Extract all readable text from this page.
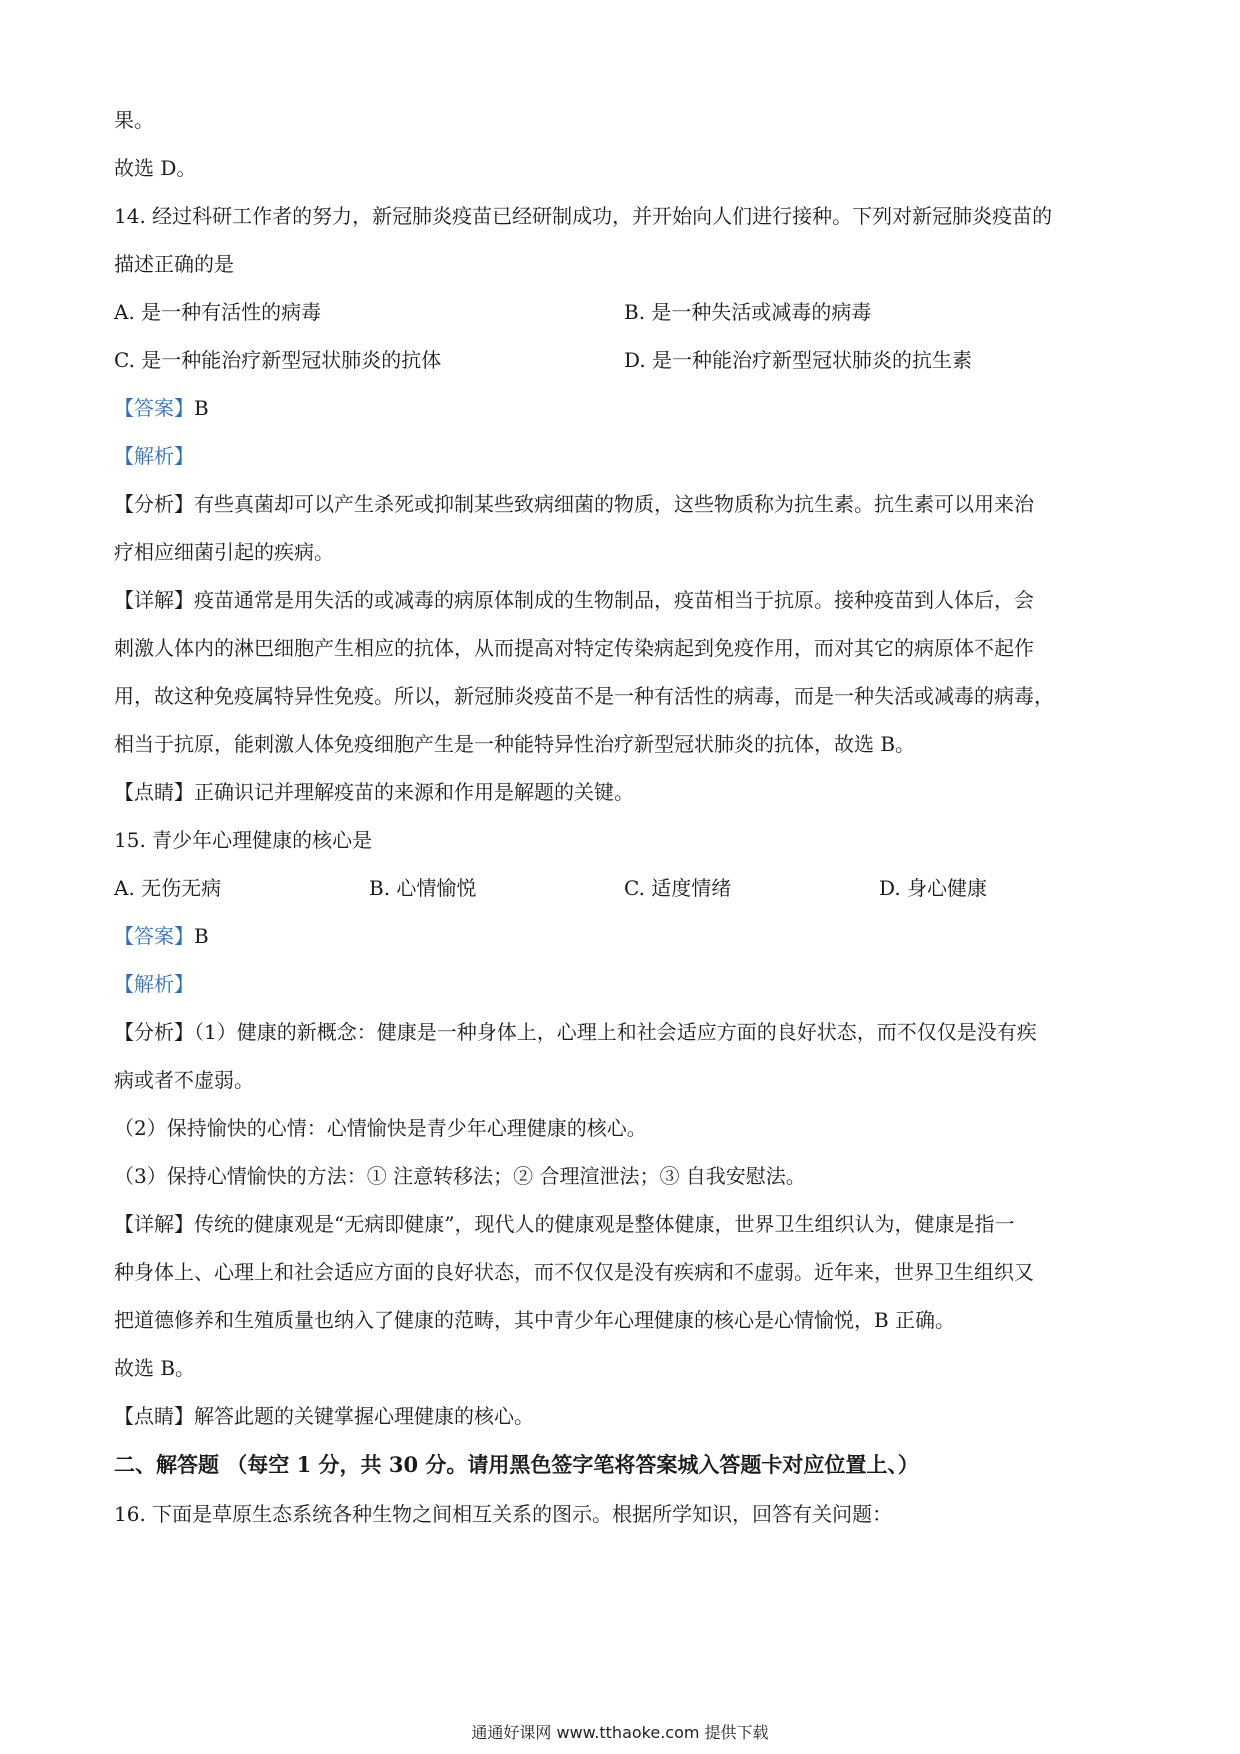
果。
故选 D。
14. 经过科研工作者的努力，新冠肺炎疫苗已经研制成功，并开始向人们进行接种。下列对新冠肺炎疫苗的
描述正确的是
A. 是一种有活性的病毒	B. 是一种失活或减毒的病毒
C. 是一种能治疗新型冠状肺炎的抗体	D. 是一种能治疗新型冠状肺炎的抗生素
【答案】B
【解析】
【分析】有些真菌却可以产生杀死或抑制某些致病细菌的物质，这些物质称为抗生素。抗生素可以用来治
疗相应细菌引起的疾病。
【详解】疫苗通常是用失活的或减毒的病原体制成的生物制品，疫苗相当于抗原。接种疫苗到人体后，会
刺激人体内的淋巴细胞产生相应的抗体，从而提高对特定传染病起到免疫作用，而对其它的病原体不起作
用，故这种免疫属特异性免疫。所以，新冠肺炎疫苗不是一种有活性的病毒，而是一种失活或减毒的病毒，
相当于抗原，能刺激人体免疫细胞产生是一种能特异性治疗新型冠状肺炎的抗体，故选 B。
【点睛】正确识记并理解疫苗的来源和作用是解题的关键。
15. 青少年心理健康的核心是
A. 无伤无病	B. 心情愉悦	C. 适度情绪	D. 身心健康
【答案】B
【解析】
【分析】（1）健康的新概念：健康是一种身体上，心理上和社会适应方面的良好状态，而不仅仅是没有疾
病或者不虚弱。
（2）保持愉快的心情：心情愉快是青少年心理健康的核心。
（3）保持心情愉快的方法：① 注意转移法；② 合理渲泄法；③ 自我安慰法。
【详解】传统的健康观是“无病即健康”，现代人的健康观是整体健康，世界卫生组织认为，健康是指一
种身体上、心理上和社会适应方面的良好状态，而不仅仅是没有疾病和不虚弱。近年来，世界卫生组织又
把道德修养和生殖质量也纳入了健康的范畴，其中青少年心理健康的核心是心情愉悦，B 正确。
故选 B。
【点睛】解答此题的关键掌握心理健康的核心。
二、解答题 （每空 1 分，共 30 分。请用黑色签字笔将答案城入答题卡对应位置上、）
16. 下面是草原生态系统各种生物之间相互关系的图示。根据所学知识，回答有关问题：
通通好课网 www.tthaoke.com 提供下载
